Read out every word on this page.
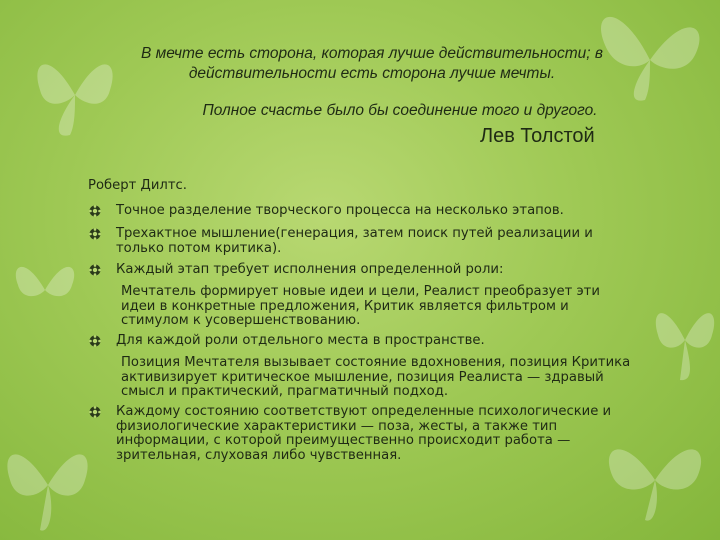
В мечте есть сторона, которая лучше действительности; в действительности есть сторона лучше мечты.
Полное счастье было бы соединение того и другого.
Лев Толстой
Роберт Дилтс.
Точное разделение творческого процесса на несколько этапов.
Трехактное мышление(генерация, затем поиск путей реализации и только потом критика).
Каждый этап требует исполнения определенной роли:
Мечтатель формирует новые идеи и цели, Реалист преобразует эти идеи в конкретные предложения, Критик является фильтром и стимулом к усовершенствованию.
Для каждой роли отдельного места в пространстве.
Позиция Мечтателя вызывает состояние вдохновения, позиция Критика активизирует критическое мышление, позиция Реалиста — здравый смысл и практический, прагматичный подход.
Каждому состоянию соответствуют определенные психологические и физиологические характеристики — поза, жесты, а также тип информации, с которой преимущественно происходит работа — зрительная, слуховая либо чувственная.
